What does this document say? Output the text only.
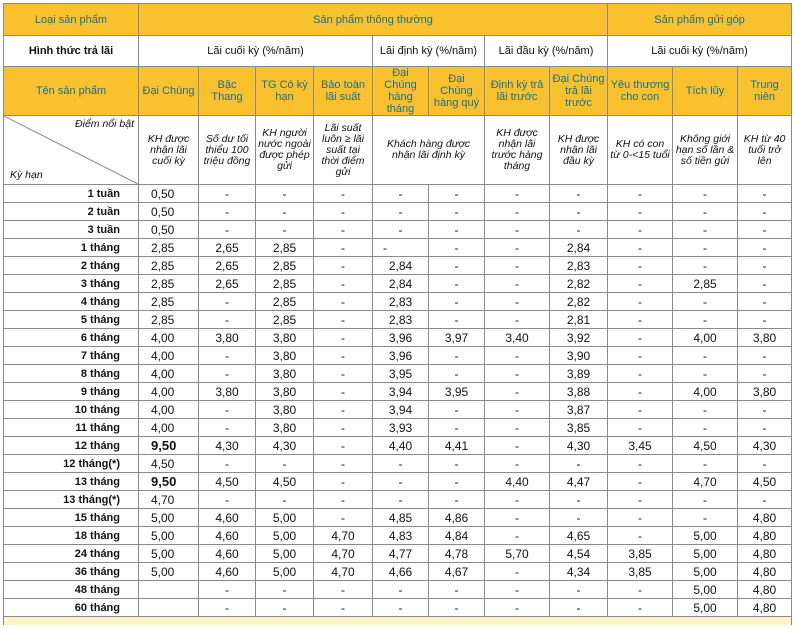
Loại sản phẩm	Sản phẩm thông thường								Sản phẩm gửi góp		
Hình thức trả lãi	Lãi cuối kỳ (%/năm)				Lãi định kỳ (%/năm)		Lãi đầu kỳ (%/năm)		Lãi cuối kỳ (%/năm)		
Tên sản phẩm	Đại Chúng	Bậc Thang	TG Có kỳ hạn	Bảo toàn lãi suất	Đại Chúng hàng tháng	Đại Chúng hàng quý	Định kỳ trả lãi trước	Đại Chúng trả lãi trước	Yêu thương cho con	Tích lũy	Trung niên

Điểm nổi bật
Kỳ hạn	KH được nhận lãi cuối kỳ	Số dư tối thiểu 100 triệu đồng	KH người nước ngoài được phép gửi	Lãi suất luôn ≥ lãi suất tại thời điểm gửi	Khách hàng được nhận lãi định kỳ		KH được nhận lãi trước hàng tháng	KH được nhận lãi đầu kỳ	KH có con từ 0-<15 tuổi	Không giới hạn số lần & số tiền gửi	KH từ 40 tuổi trở lên
1 tuần	0,50	-	-	-	-	-	-	-	-	-	-
2 tuần	0,50	-	-	-	-	-	-	-	-	-	-
3 tuần	0,50	-	-	-	-	-	-	-	-	-	-
1 tháng	2,85	2,65	2,85	-	-	-	-	2,84	-	-	-
2 tháng	2,85	2,65	2,85	-	2,84	-	-	2,83	-	-	-
3 tháng	2,85	2,65	2,85	-	2,84	-	-	2,82	-	2,85	-
4 tháng	2,85	-	2,85	-	2,83	-	-	2,82	-	-	-
5 tháng	2,85	-	2,85	-	2,83	-	-	2,81	-	-	-
6 tháng	4,00	3,80	3,80	-	3,96	3,97	3,40	3,92	-	4,00	3,80
7 tháng	4,00	-	3,80	-	3,96	-	-	3,90	-	-	-
8 tháng	4,00	-	3,80	-	3,95	-	-	3,89	-	-	-
9 tháng	4,00	3,80	3,80	-	3,94	3,95	-	3,88	-	4,00	3,80
10 tháng	4,00	-	3,80	-	3,94	-	-	3,87	-	-	-
11 tháng	4,00	-	3,80	-	3,93	-	-	3,85	-	-	-
12 tháng	9,50	4,30	4,30	-	4,40	4,41	-	4,30	3,45	4,50	4,30
12 tháng(*)	4,50	-	-	-	-	-	-	-	-	-	-
13 tháng	9,50	4,50	4,50	-	-	-	4,40	4,47	-	4,70	4,50
13 tháng(*)	4,70	-	-	-	-	-	-	-	-	-	-
15 tháng	5,00	4,60	5,00	-	4,85	4,86	-	-	-	-	4,80
18 tháng	5,00	4,60	5,00	4,70	4,83	4,84	-	4,65	-	5,00	4,80
24 tháng	5,00	4,60	5,00	4,70	4,77	4,78	5,70	4,54	3,85	5,00	4,80
36 tháng	5,00	4,60	5,00	4,70	4,66	4,67	-	4,34	3,85	5,00	4,80
48 tháng		-	-	-	-	-	-	-	-	5,00	4,80
60 tháng		-	-	-	-	-	-	-	-	5,00	4,80
